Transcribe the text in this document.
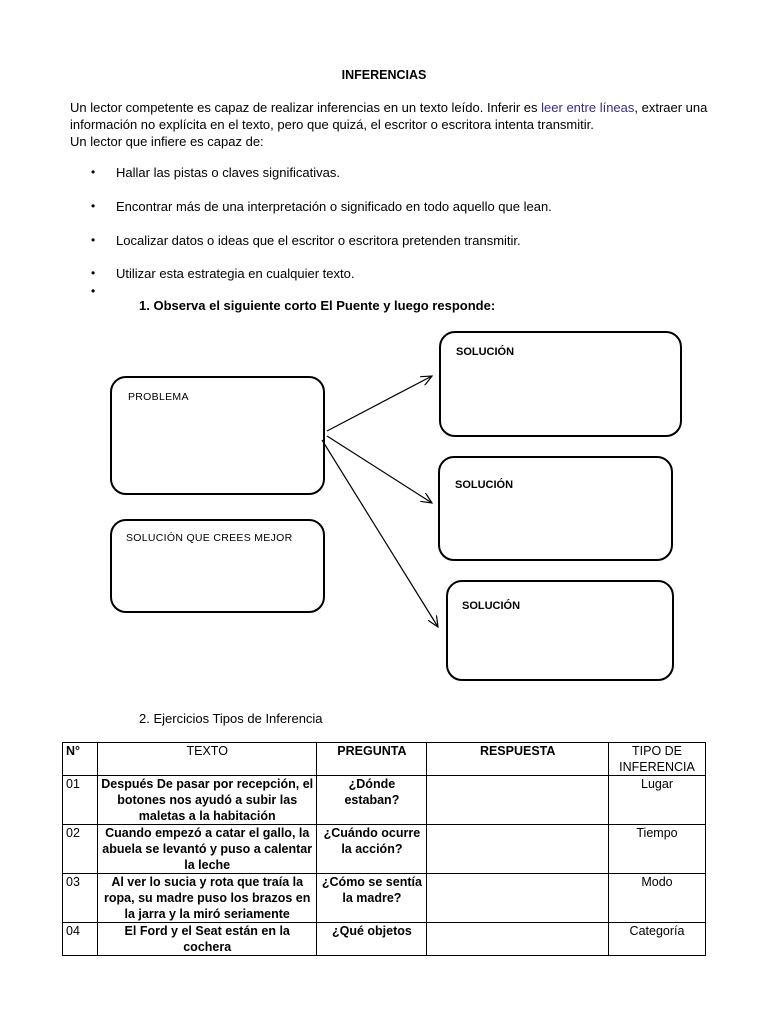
INFERENCIAS
Un lector competente es capaz de realizar inferencias en un texto leído. Inferir es leer entre líneas, extraer una información no explícita en el texto, pero que quizá, el escritor o escritora intenta transmitir.
Un lector que infiere es capaz de:
• Hallar las pistas o claves significativas.
• Encontrar más de una interpretación o significado en todo aquello que lean.
• Localizar datos o ideas que el escritor o escritora pretenden transmitir.
• Utilizar esta estrategia en cualquier texto.
•
1. Observa el siguiente corto El Puente y luego responde:
PROBLEMA
SOLUCIÓN QUE CREES MEJOR
SOLUCIÓN
SOLUCIÓN
SOLUCIÓN
2. Ejercicios Tipos de Inferencia
N°	TEXTO	PREGUNTA	RESPUESTA	TIPO DE INFERENCIA
01	Después De pasar por recepción, el botones nos ayudó a subir las maletas a la habitación	¿Dónde estaban?		Lugar
02	Cuando empezó a catar el gallo, la abuela se levantó y puso a calentar la leche	¿Cuándo ocurre la acción?		Tiempo
03	Al ver lo sucia y rota que traía la ropa, su madre puso los brazos en la jarra y la miró seriamente	¿Cómo se sentía la madre?		Modo
04	El Ford y el Seat están en la cochera	¿Qué objetos		Categoría
